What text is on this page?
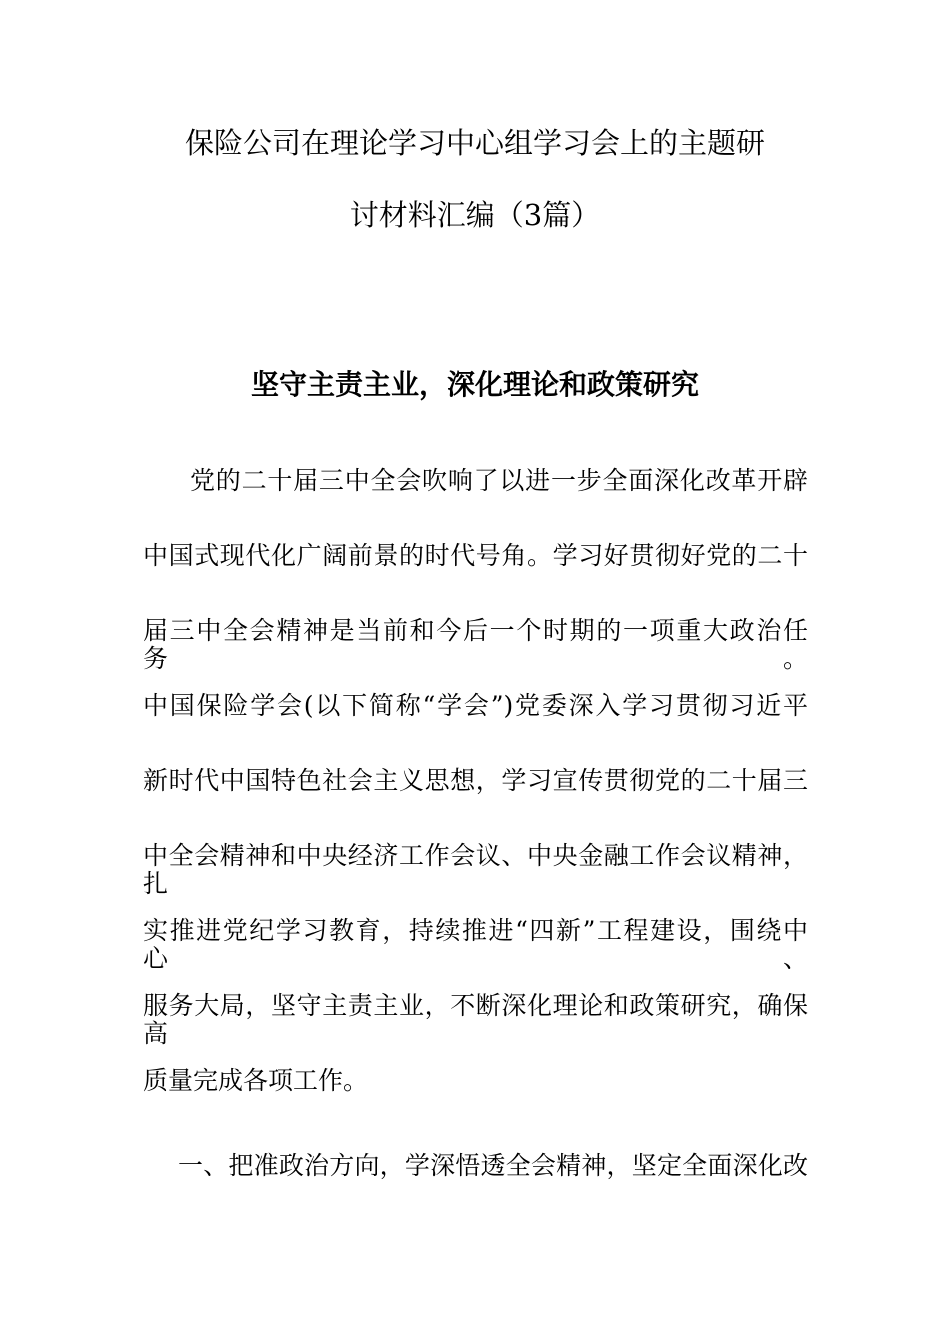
保险公司在理论学习中心组学习会上的主题研
讨材料汇编（3篇）
坚守主责主业，深化理论和政策研究
党的二十届三中全会吹响了以进一步全面深化改革开辟
中国式现代化广阔前景的时代号角。学习好贯彻好党的二十
届三中全会精神是当前和今后一个时期的一项重大政治任务。
中国保险学会(以下简称“学会”)党委深入学习贯彻习近平
新时代中国特色社会主义思想，学习宣传贯彻党的二十届三
中全会精神和中央经济工作会议、中央金融工作会议精神，扎
实推进党纪学习教育，持续推进“四新”工程建设，围绕中心、
服务大局，坚守主责主业，不断深化理论和政策研究，确保高
质量完成各项工作。
一、把准政治方向，学深悟透全会精神，坚定全面深化改
